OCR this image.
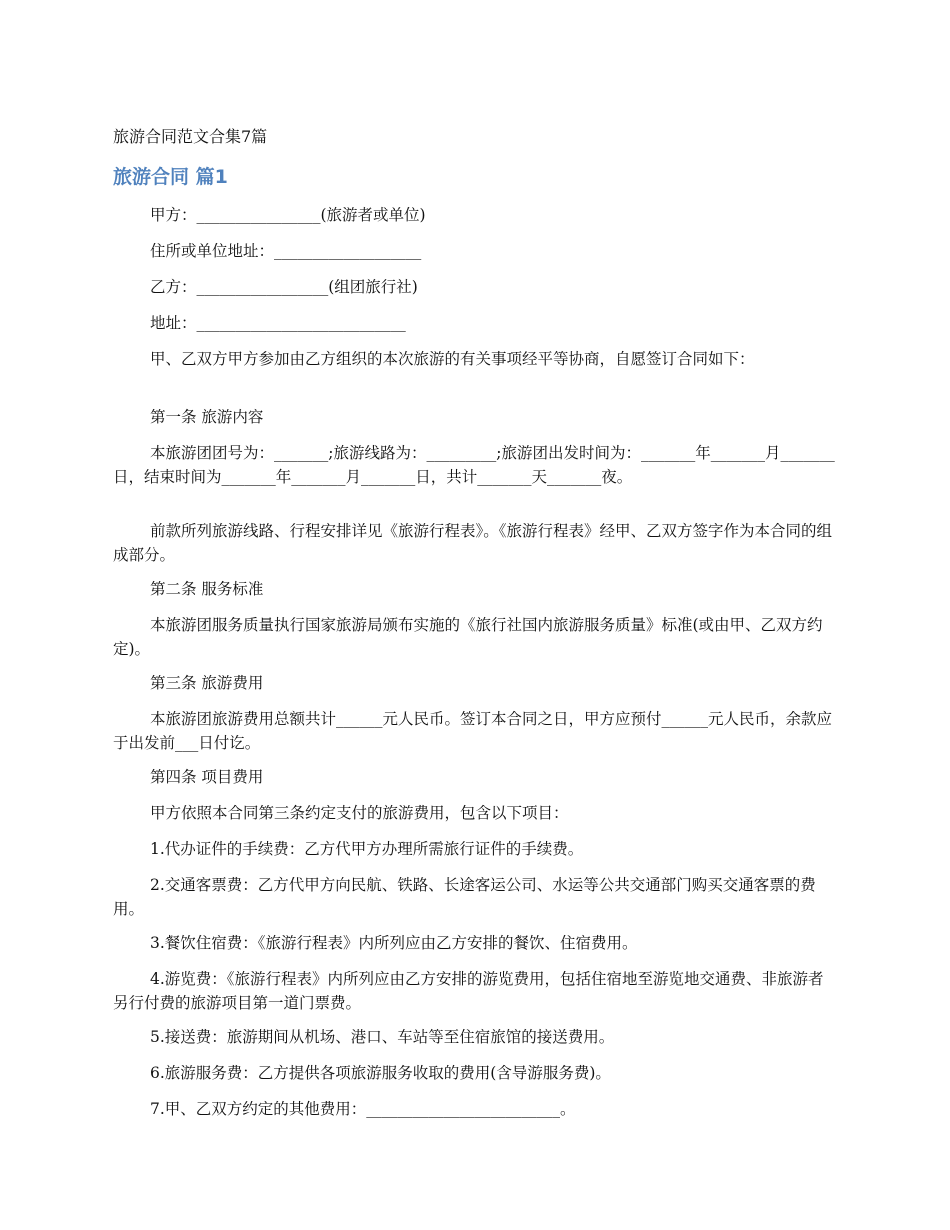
旅游合同范文合集7篇

旅游合同 篇1

甲方：________________(旅游者或单位)

住所或单位地址：___________________

乙方：_________________(组团旅行社)

地址：___________________________

甲、乙双方甲方参加由乙方组织的本次旅游的有关事项经平等协商，自愿签订合同如下：

第一条 旅游内容

本旅游团团号为：_______;旅游线路为：_________;旅游团出发时间为：_______年_______月_______日，结束时间为_______年_______月_______日，共计_______天_______夜。

前款所列旅游线路、行程安排详见《旅游行程表》。《旅游行程表》经甲、乙双方签字作为本合同的组成部分。

第二条 服务标准

本旅游团服务质量执行国家旅游局颁布实施的《旅行社国内旅游服务质量》标准(或由甲、乙双方约定)。

第三条 旅游费用

本旅游团旅游费用总额共计______元人民币。签订本合同之日，甲方应预付______元人民币，余款应于出发前___日付讫。

第四条 项目费用

甲方依照本合同第三条约定支付的旅游费用，包含以下项目：

1.代办证件的手续费：乙方代甲方办理所需旅行证件的手续费。

2.交通客票费：乙方代甲方向民航、铁路、长途客运公司、水运等公共交通部门购买交通客票的费用。

3.餐饮住宿费：《旅游行程表》内所列应由乙方安排的餐饮、住宿费用。

4.游览费：《旅游行程表》内所列应由乙方安排的游览费用，包括住宿地至游览地交通费、非旅游者另行付费的旅游项目第一道门票费。

5.接送费：旅游期间从机场、港口、车站等至住宿旅馆的接送费用。

6.旅游服务费：乙方提供各项旅游服务收取的费用(含导游服务费)。

7.甲、乙双方约定的其他费用：_________________________。
